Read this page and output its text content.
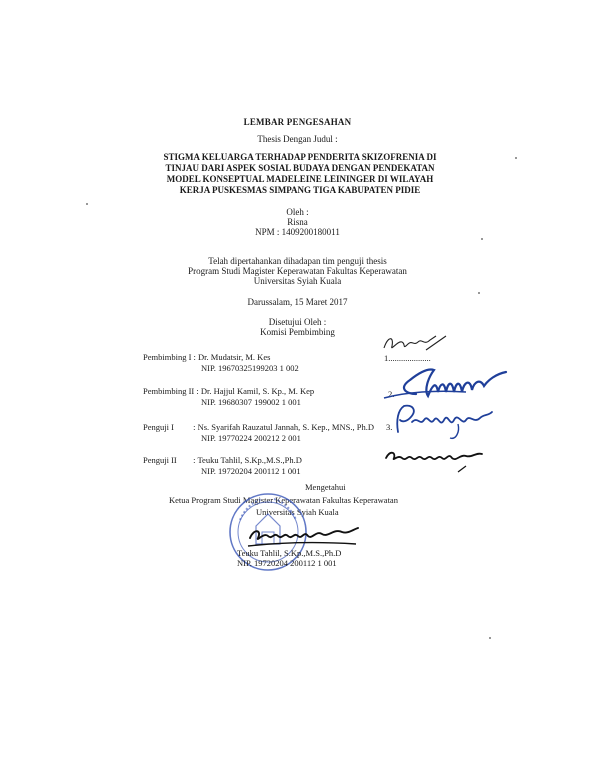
LEMBAR PENGESAHAN
Thesis Dengan Judul :
STIGMA KELUARGA TERHADAP PENDERITA SKIZOFRENIA DI
TINJAU DARI ASPEK SOSIAL BUDAYA DENGAN PENDEKATAN
MODEL KONSEPTUAL MADELEINE LEININGER DI WILAYAH
KERJA PUSKESMAS SIMPANG TIGA KABUPATEN PIDIE
Oleh :
Risna
NPM : 1409200180011
Telah dipertahankan dihadapan tim penguji thesis
Program Studi Magister Keperawatan Fakultas Keperawatan
Universitas Syiah Kuala
Darussalam, 15 Maret 2017
Disetujui Oleh :
Komisi Pembimbing
Pembimbing I : Dr. Mudatsir, M. Kes
NIP. 19670325199203 1 002
1....................
Pembimbing II : Dr. Hajjul Kamil, S. Kp., M. Kep
NIP. 19680307 199002 1 001
2.
Penguji I : Ns. Syarifah Rauzatul Jannah, S. Kep., MNS., Ph.D
NIP. 19770224 200212 2 001
3.
Penguji II : Teuku Tahlil, S.Kp.,M.S.,Ph.D
NIP. 19720204 200112 1 001
Mengetahui
Ketua Program Studi Magister Keperawatan Fakultas Keperawatan
Universitas Syiah Kuala
Teuku Tahlil, S.Kp.,M.S.,Ph.D
NIP. 19720204 200112 1 001
